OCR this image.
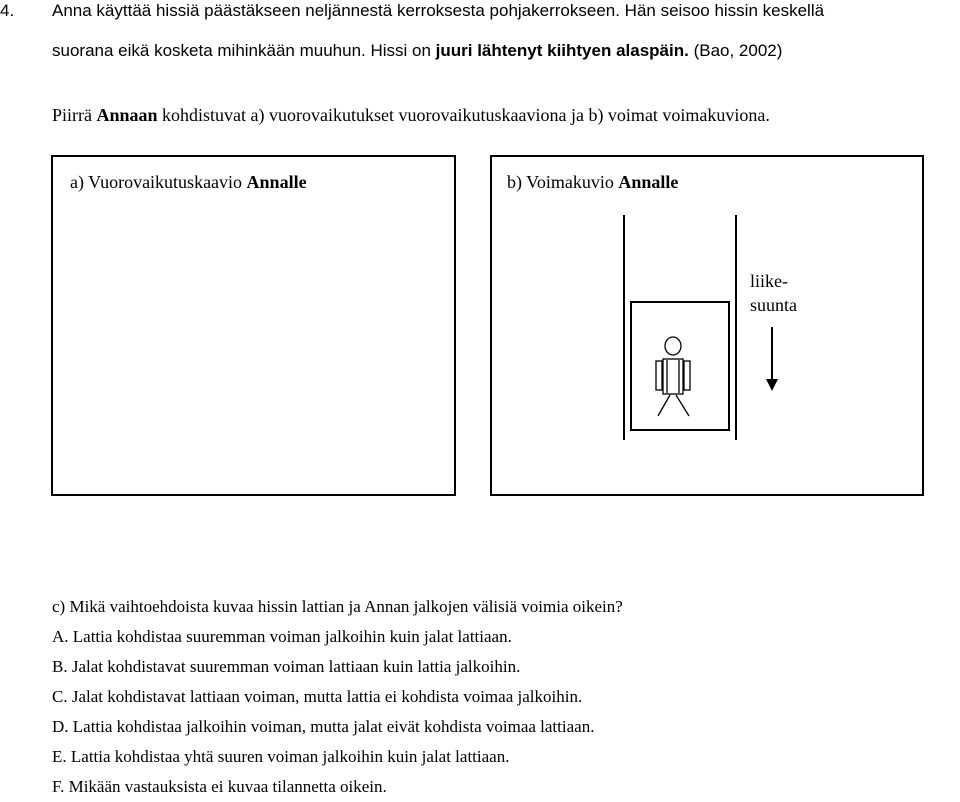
4. Anna käyttää hissiä päästäkseen neljännestä kerroksesta pohjakerrokseen. Hän seisoo hissin keskellä
suorana eikä kosketa mihinkään muuhun. Hissi on juuri lähtenyt kiihtyen alaspäin. (Bao, 2002)
Piirrä Annaan kohdistuvat a) vuorovaikutukset vuorovaikutuskaaviona ja b) voimat voimakuviona.
a) Vuorovaikutuskaavio Annalle	b) Voimakuvio Annalle
liike-
suunta
c) Mikä vaihtoehdoista kuvaa hissin lattian ja Annan jalkojen välisiä voimia oikein?
A. Lattia kohdistaa suuremman voiman jalkoihin kuin jalat lattiaan.
B. Jalat kohdistavat suuremman voiman lattiaan kuin lattia jalkoihin.
C. Jalat kohdistavat lattiaan voiman, mutta lattia ei kohdista voimaa jalkoihin.
D. Lattia kohdistaa jalkoihin voiman, mutta jalat eivät kohdista voimaa lattiaan.
E. Lattia kohdistaa yhtä suuren voiman jalkoihin kuin jalat lattiaan.
F. Mikään vastauksista ei kuvaa tilannetta oikein.
